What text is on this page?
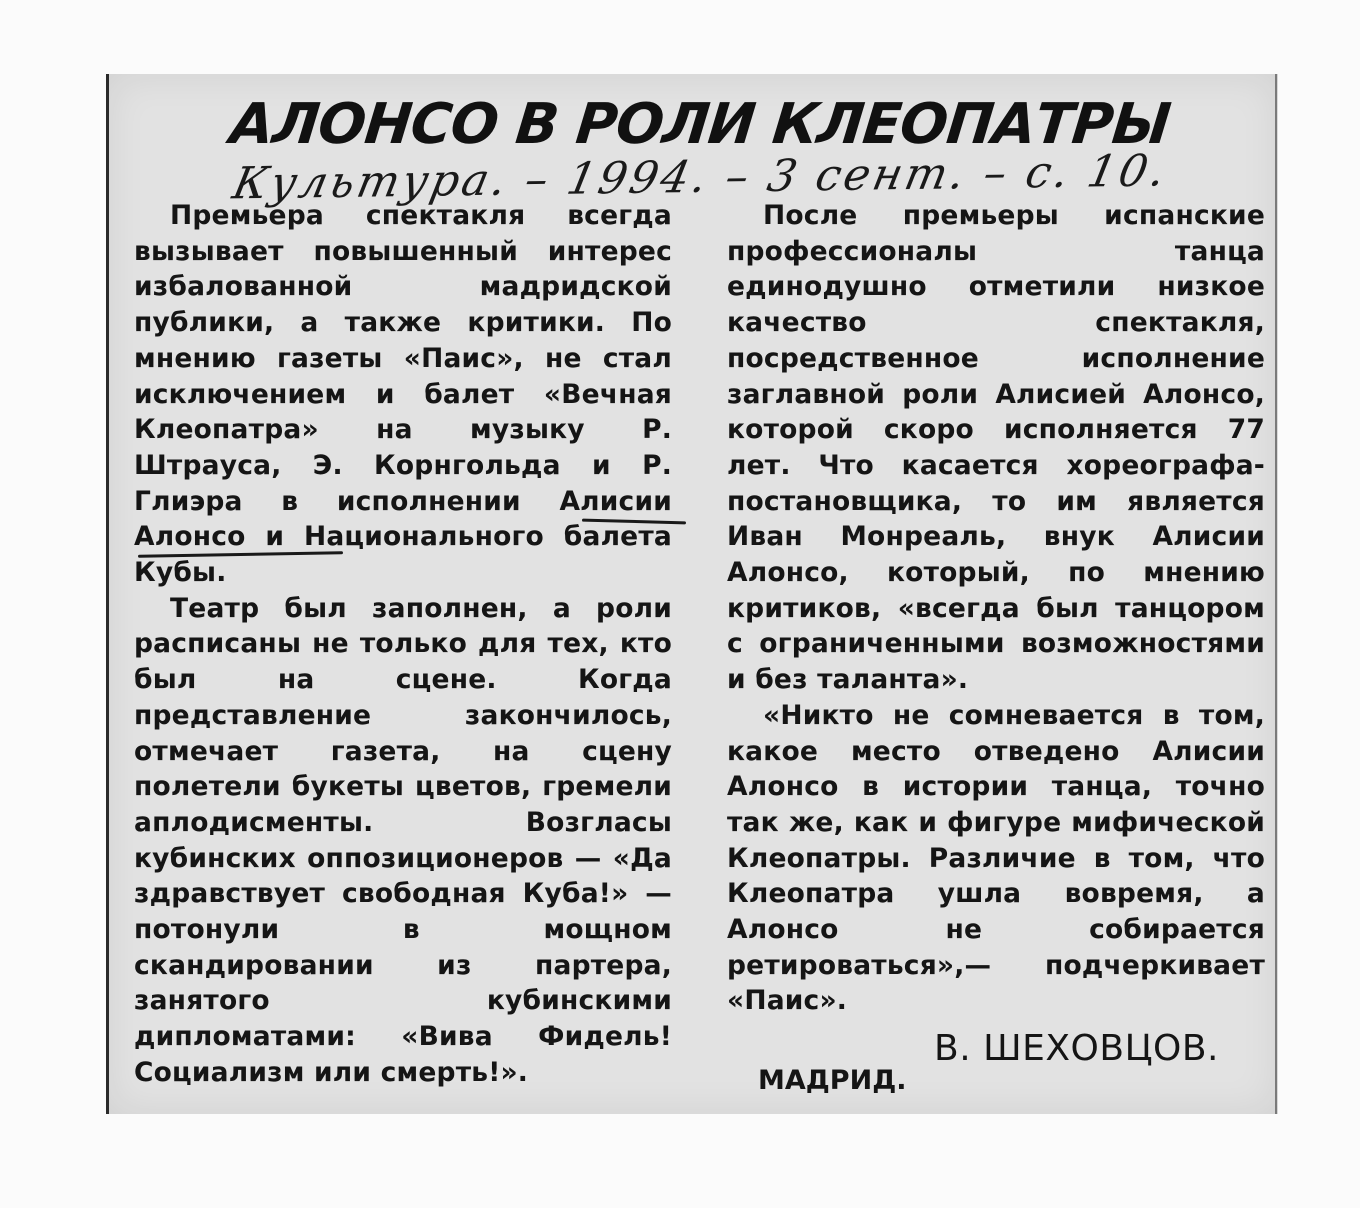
АЛОНСО В РОЛИ КЛЕОПАТРЫ
Культура. – 1994. – 3 сент. – с. 10.

Премьера спектакля всегда вызывает повышенный интерес избалованной мадридской публики, а также критики. По мнению газеты «Паис», не стал исключением и балет «Вечная Клеопатра» на музыку Р. Штрауса, Э. Корнгольда и Р. Глиэра в исполнении Алисии Алонсо и Национального балета Кубы.

Театр был заполнен, а роли расписаны не только для тех, кто был на сцене. Когда представление закончилось, отмечает газета, на сцену полетели букеты цветов, гремели аплодисменты. Возгласы кубинских оппозиционеров — «Да здравствует свободная Куба!» — потонули в мощном скандировании из партера, занятого кубинскими дипломатами: «Вива Фидель! Социализм или смерть!».

После премьеры испанские профессионалы танца единодушно отметили низкое качество спектакля, посредственное исполнение заглавной роли Алисией Алонсо, которой скоро исполняется 77 лет. Что касается хореографа-постановщика, то им является Иван Монреаль, внук Алисии Алонсо, который, по мнению критиков, «всегда был танцором с ограниченными возможностями и без таланта».

«Никто не сомневается в том, какое место отведено Алисии Алонсо в истории танца, точно так же, как и фигуре мифической Клеопатры. Различие в том, что Клеопатра ушла вовремя, а Алонсо не собирается ретироваться»,— подчеркивает «Паис».

В. ШЕХОВЦОВ.
МАДРИД.
